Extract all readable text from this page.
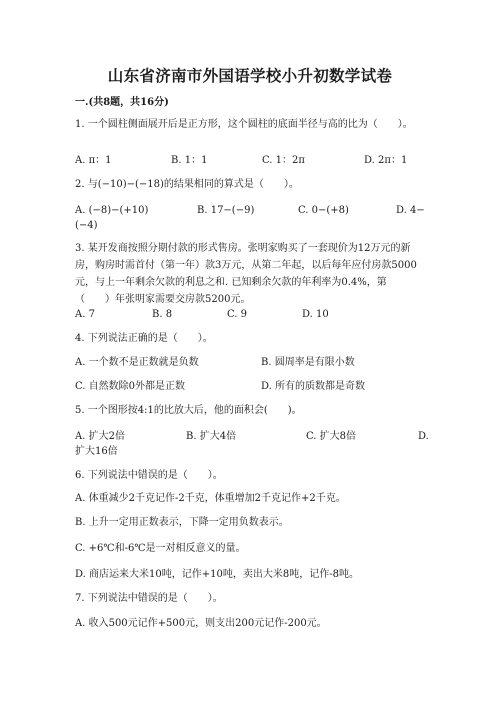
山东省济南市外国语学校小升初数学试卷
一.(共8题，共16分)
1. 一个圆柱侧面展开后是正方形，这个圆柱的底面半径与高的比为（　　）。
A. π：1	B. 1：1	C. 1：2π	D. 2π：1
2. 与(−10)−(−18)的结果相同的算式是（　　）。
A. (−8)−(+10)	B. 17−(−9)	C. 0−(+8)	D. 4−
(−4)
3. 某开发商按照分期付款的形式售房。张明家购买了一套现价为12万元的新
房，购房时需首付（第一年）款3万元，从第二年起，以后每年应付房款5000
元，与上一年剩余欠款的利息之和. 已知剩余欠款的年利率为0.4%，第
（　　）年张明家需要交房款5200元。
A. 7	B. 8	C. 9	D. 10
4. 下列说法正确的是（　　）。
A. 一个数不是正数就是负数	B. 圆周率是有限小数
C. 自然数除0外都是正数	D. 所有的质数都是奇数
5. 一个图形按4:1的比放大后，他的面积会(　　)。
A. 扩大2倍	B. 扩大4倍	C. 扩大8倍	D.
扩大16倍
6. 下列说法中错误的是（　　）。
A. 体重减少2千克记作-2千克，体重增加2千克记作+2千克。
B. 上升一定用正数表示，下降一定用负数表示。
C. +6℃和-6℃是一对相反意义的量。
D. 商店运来大米10吨，记作+10吨，卖出大米8吨，记作-8吨。
7. 下列说法中错误的是（　　）。
A. 收入500元记作+500元，则支出200元记作-200元。
